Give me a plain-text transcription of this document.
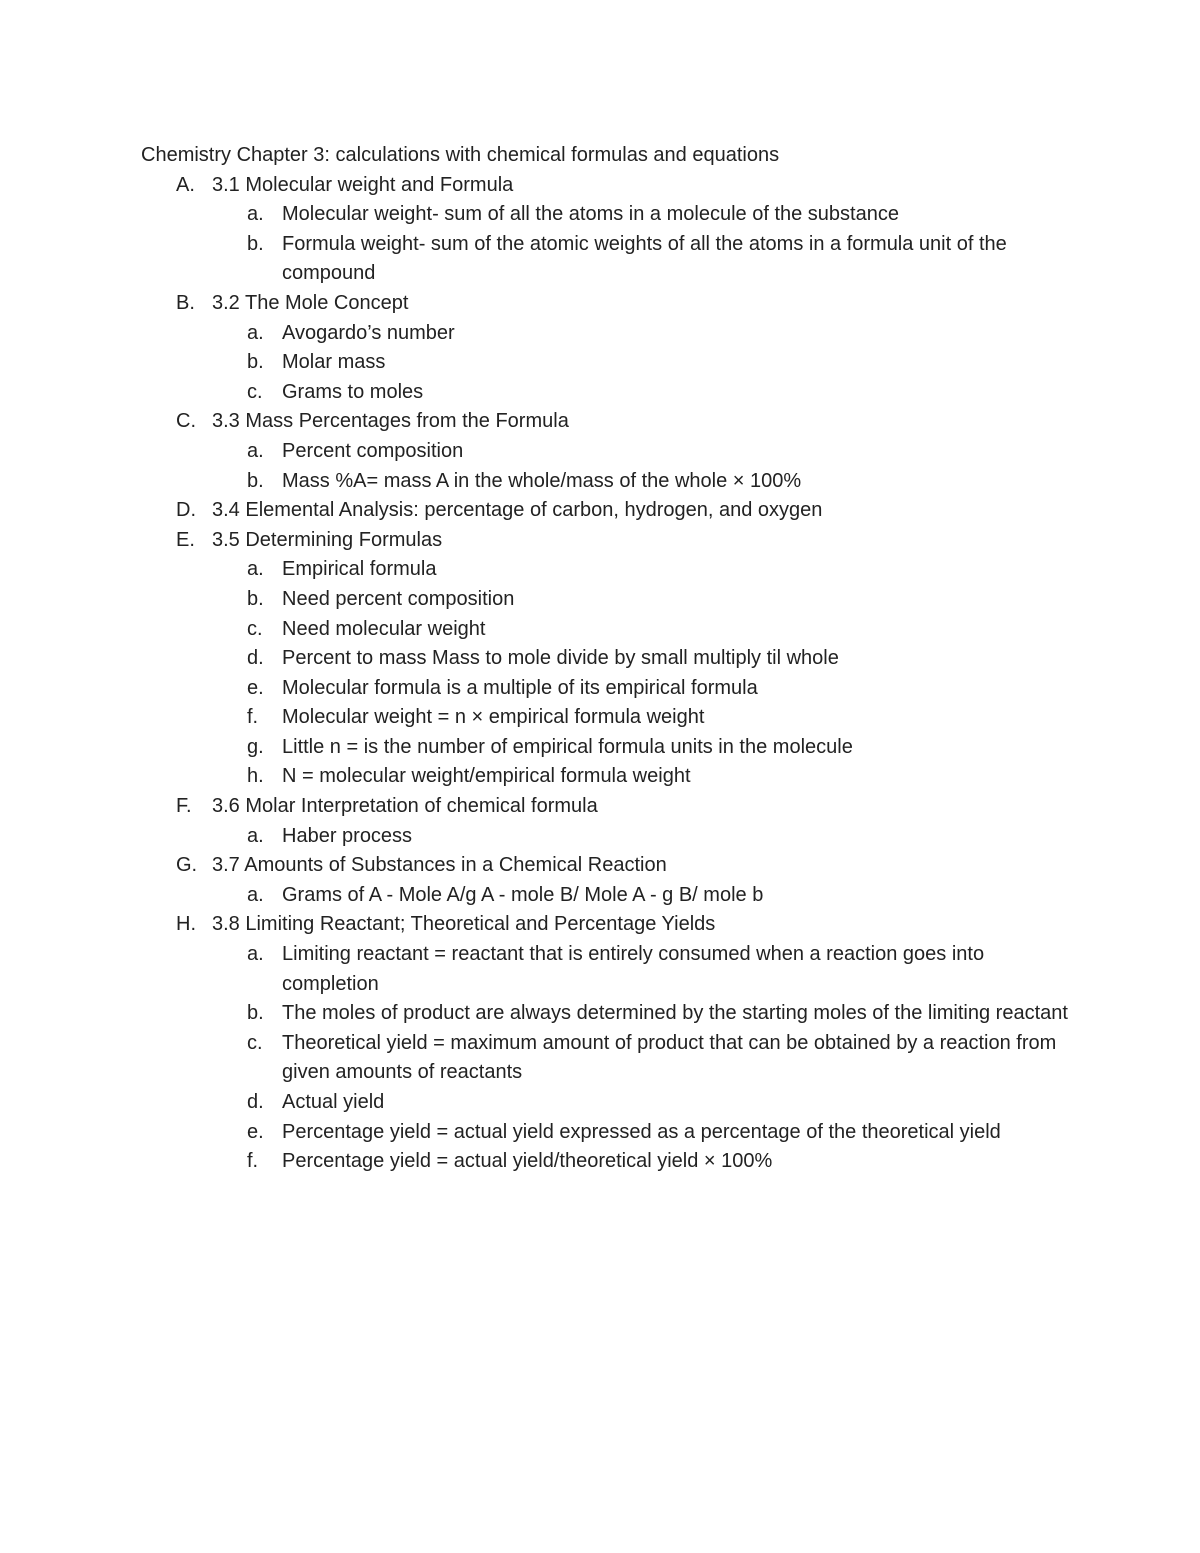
Chemistry Chapter 3: calculations with chemical formulas and equations
A. 3.1 Molecular weight and Formula
a. Molecular weight- sum of all the atoms in a molecule of the substance
b. Formula weight- sum of the atomic weights of all the atoms in a formula unit of the compound
B. 3.2 The Mole Concept
a. Avogardo’s number
b. Molar mass
c. Grams to moles
C. 3.3 Mass Percentages from the Formula
a. Percent composition
b. Mass %A= mass A in the whole/mass of the whole × 100%
D. 3.4 Elemental Analysis: percentage of carbon, hydrogen, and oxygen
E. 3.5 Determining Formulas
a. Empirical formula
b. Need percent composition
c. Need molecular weight
d. Percent to mass Mass to mole divide by small multiply til whole
e. Molecular formula is a multiple of its empirical formula
f. Molecular weight = n × empirical formula weight
g. Little n = is the number of empirical formula units in the molecule
h. N = molecular weight/empirical formula weight
F. 3.6 Molar Interpretation of chemical formula
a. Haber process
G. 3.7 Amounts of Substances in a Chemical Reaction
a. Grams of A - Mole A/g A - mole B/ Mole A - g B/ mole b
H. 3.8 Limiting Reactant; Theoretical and Percentage Yields
a. Limiting reactant = reactant that is entirely consumed when a reaction goes into completion
b. The moles of product are always determined by the starting moles of the limiting reactant
c. Theoretical yield = maximum amount of product that can be obtained by a reaction from given amounts of reactants
d. Actual yield
e. Percentage yield = actual yield expressed as a percentage of the theoretical yield
f. Percentage yield = actual yield/theoretical yield × 100%
